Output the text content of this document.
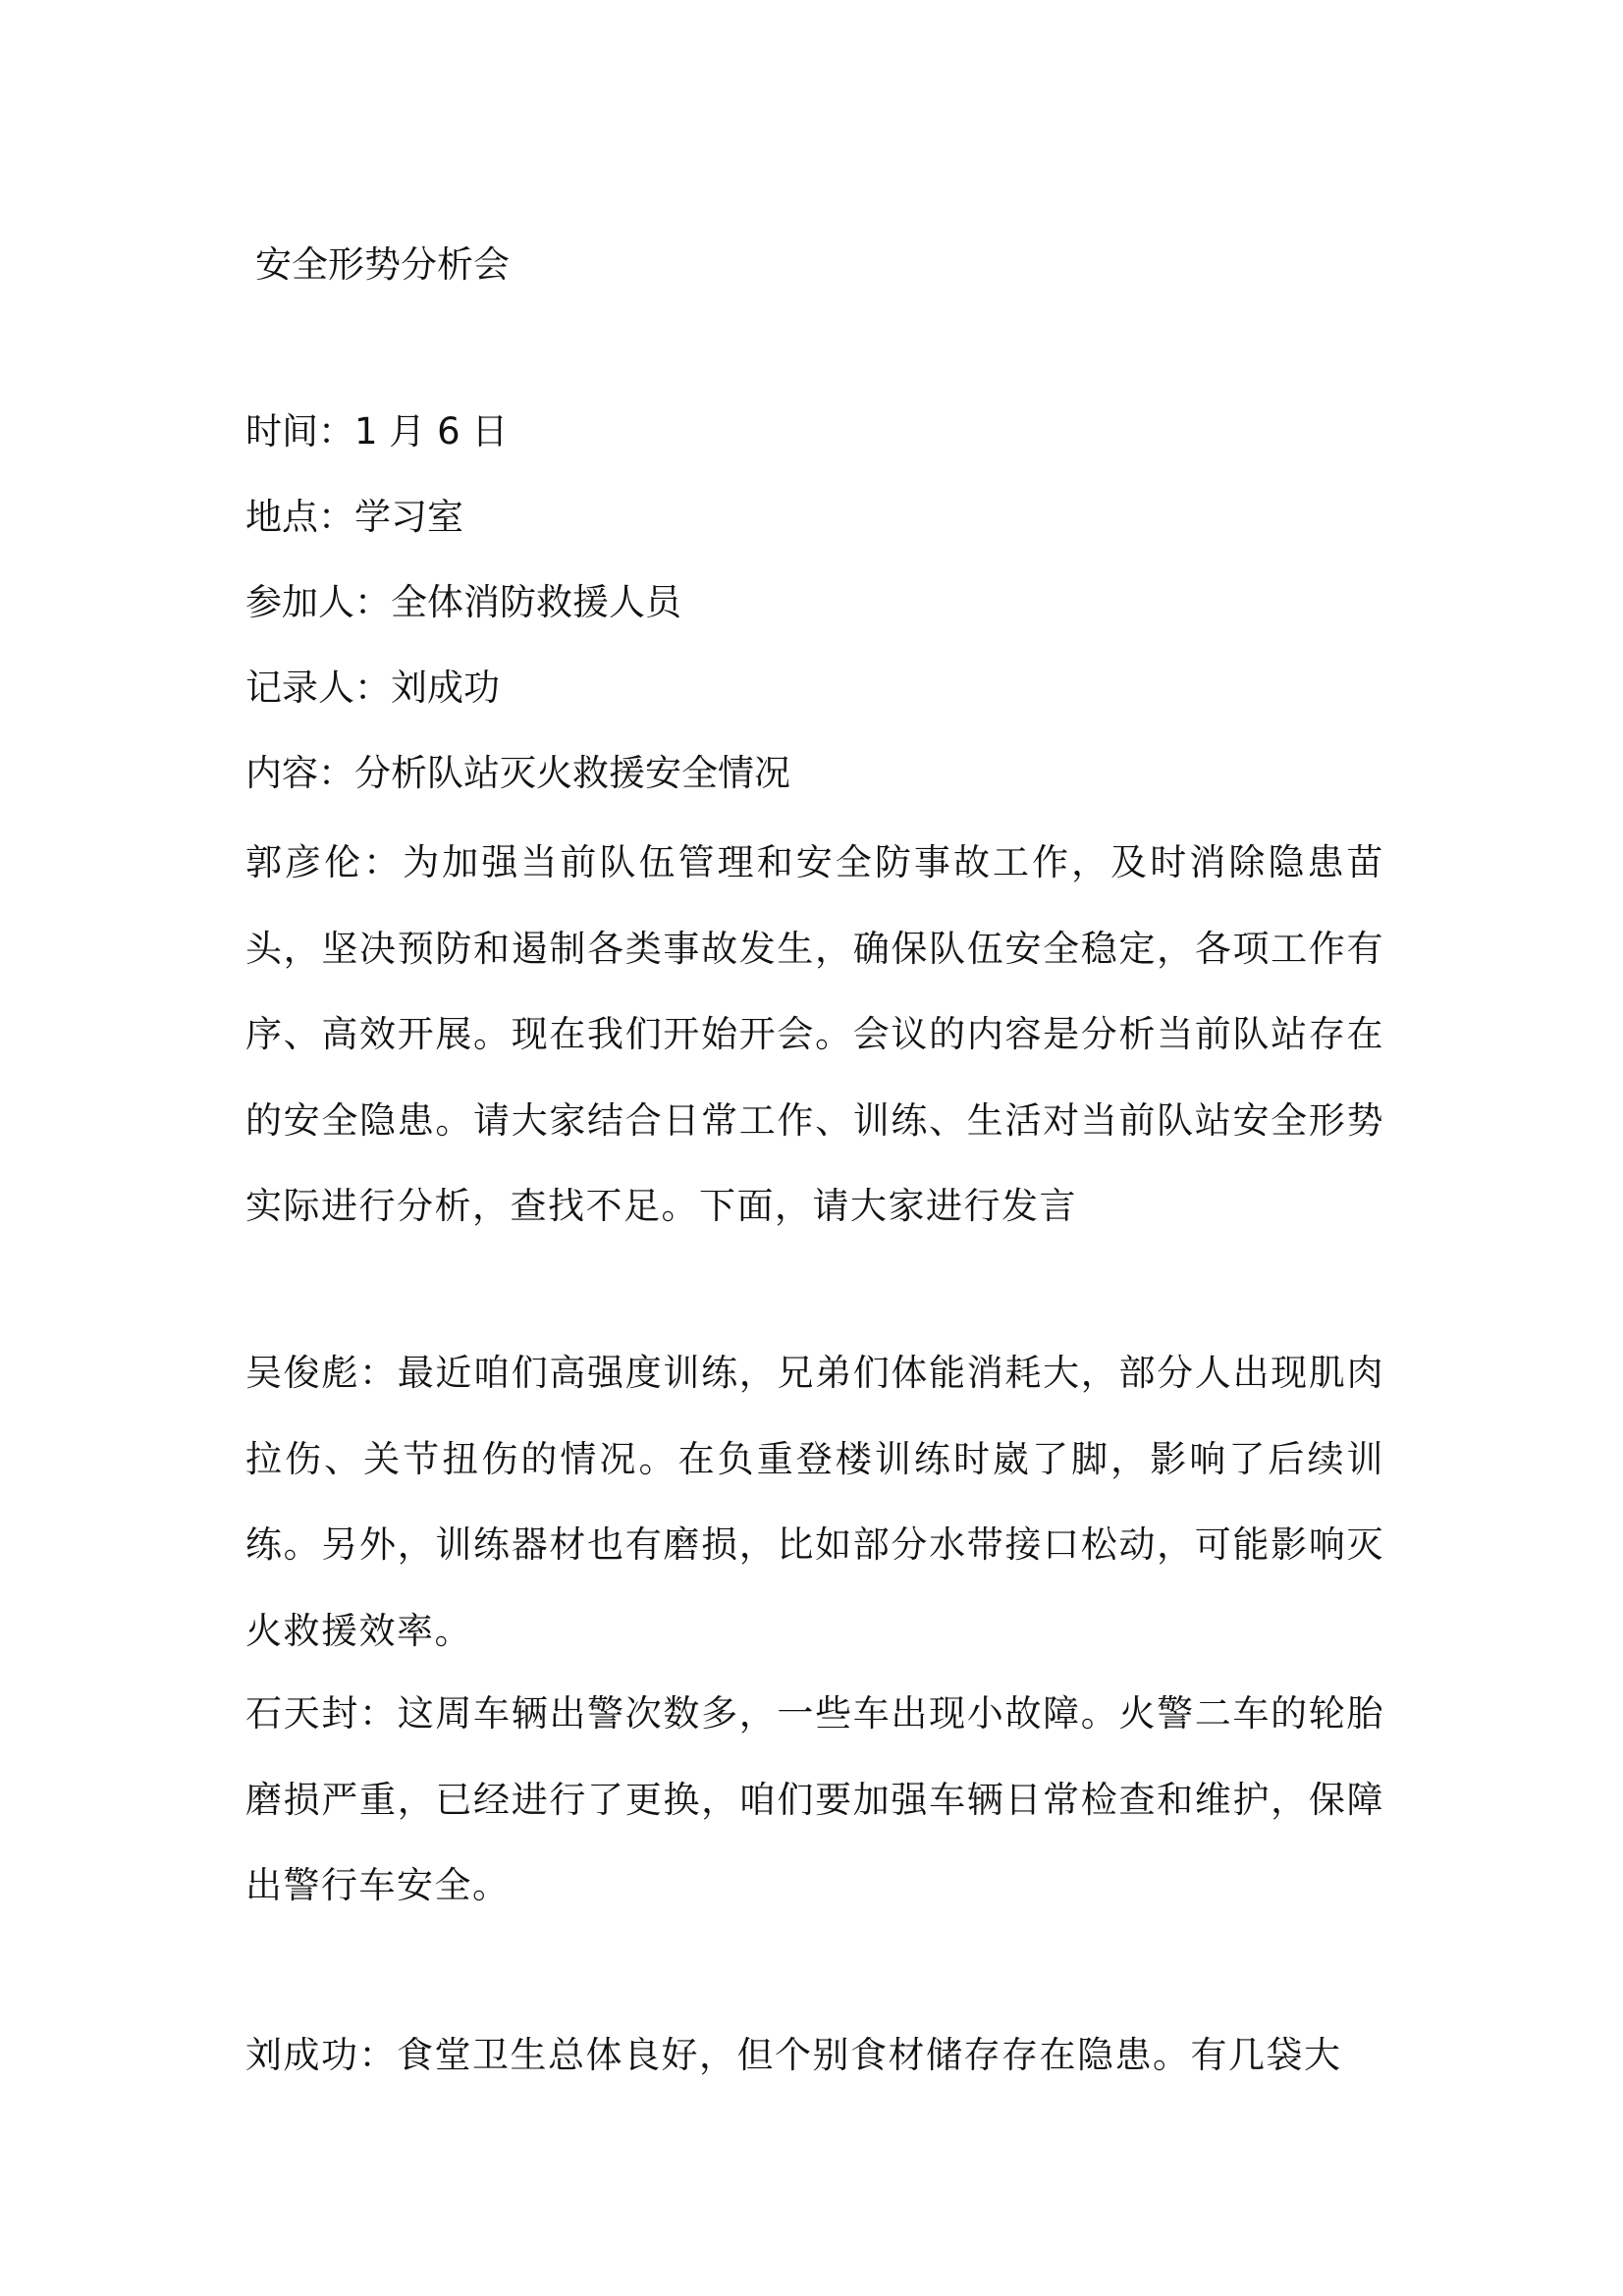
安全形势分析会
时间：1 月 6 日
地点：学习室
参加人：全体消防救援人员
记录人：刘成功
内容：分析队站灭火救援安全情况

郭彦伦：为加强当前队伍管理和安全防事故工作，及时消除隐患苗头，坚决预防和遏制各类事故发生，确保队伍安全稳定，各项工作有序、高效开展。现在我们开始开会。会议的内容是分析当前队站存在的安全隐患。请大家结合日常工作、训练、生活对当前队站安全形势实际进行分析，查找不足。下面，请大家进行发言

吴俊彪：最近咱们高强度训练，兄弟们体能消耗大，部分人出现肌肉拉伤、关节扭伤的情况。在负重登楼训练时崴了脚，影响了后续训练。另外，训练器材也有磨损，比如部分水带接口松动，可能影响灭火救援效率。

石天封：这周车辆出警次数多，一些车出现小故障。火警二车的轮胎磨损严重，已经进行了更换，咱们要加强车辆日常检查和维护，保障出警行车安全。

刘成功：食堂卫生总体良好，但个别食材储存存在隐患。有几袋大
